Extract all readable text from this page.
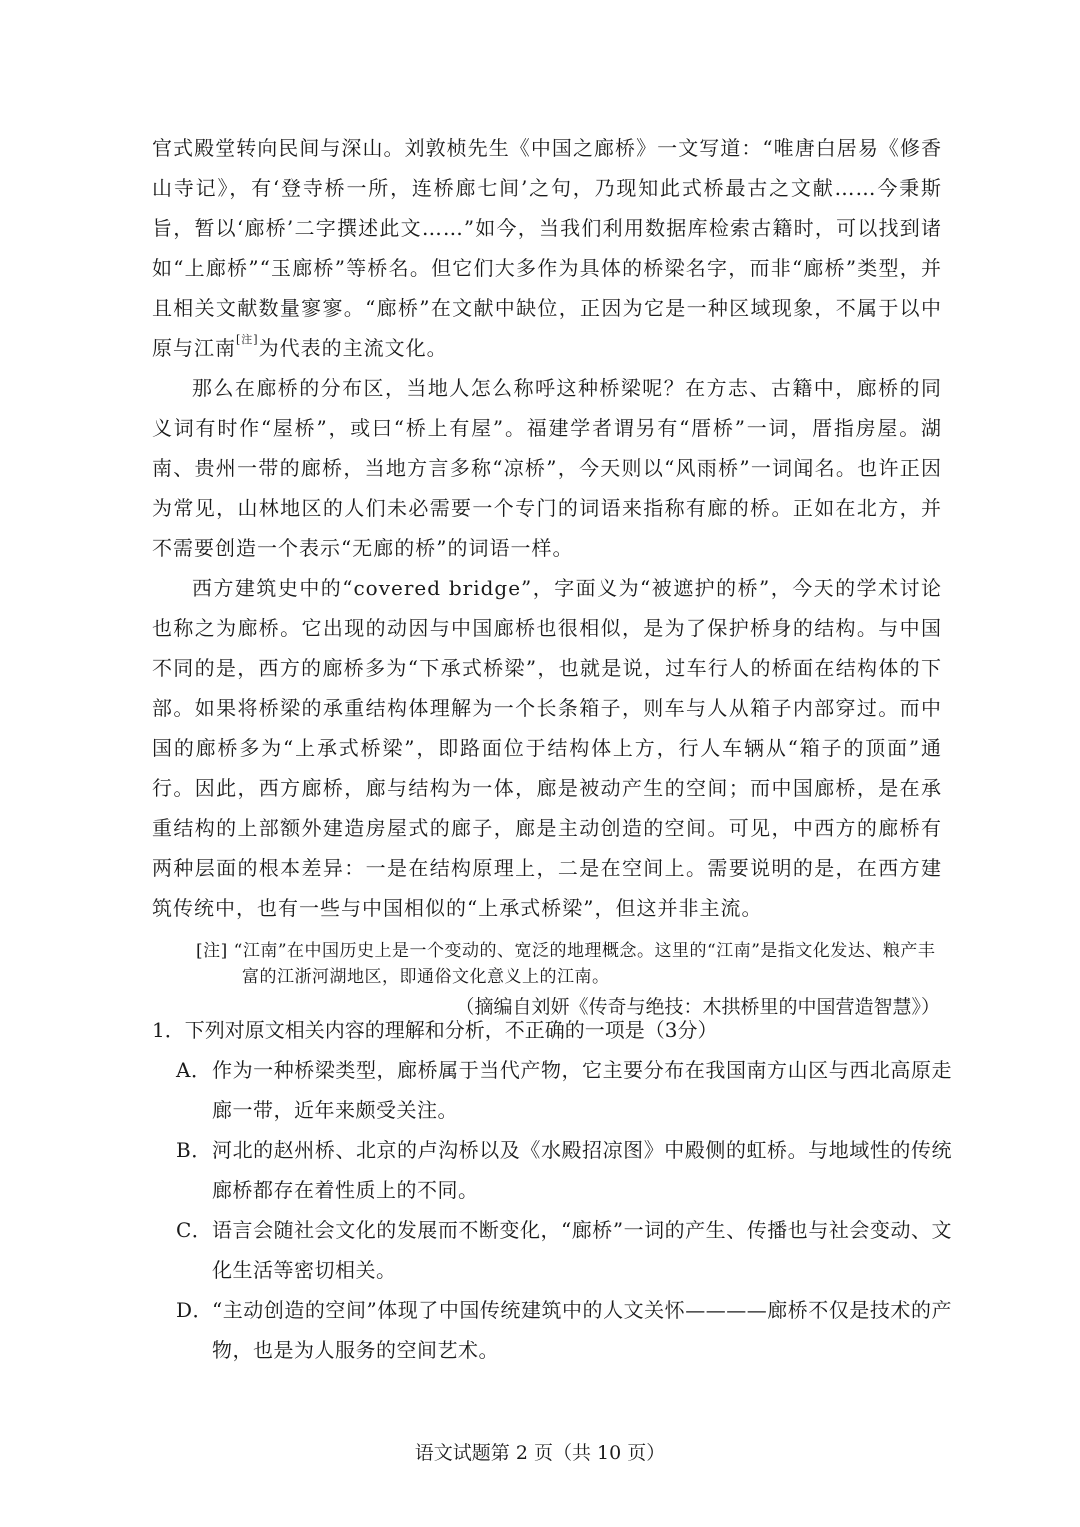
官式殿堂转向民间与深山。刘敦桢先生《中国之廊桥》一文写道：“唯唐白居易《修香山寺记》，有‘登寺桥一所，连桥廊七间’之句，乃现知此式桥最古之文献……今秉斯旨，暂以‘廊桥’二字撰述此文……”如今，当我们利用数据库检索古籍时，可以找到诸如“上廊桥”“玉廊桥”等桥名。但它们大多作为具体的桥梁名字，而非“廊桥”类型，并且相关文献数量寥寥。“廊桥”在文献中缺位，正因为它是一种区域现象，不属于以中原与江南[注]为代表的主流文化。

那么在廊桥的分布区，当地人怎么称呼这种桥梁呢？在方志、古籍中，廊桥的同义词有时作“屋桥”，或曰“桥上有屋”。福建学者谓另有“厝桥”一词，厝指房屋。湖南、贵州一带的廊桥，当地方言多称“凉桥”，今天则以“风雨桥”一词闻名。也许正因为常见，山林地区的人们未必需要一个专门的词语来指称有廊的桥。正如在北方，并不需要创造一个表示“无廊的桥”的词语一样。

西方建筑史中的“covered bridge”，字面义为“被遮护的桥”，今天的学术讨论也称之为廊桥。它出现的动因与中国廊桥也很相似，是为了保护桥身的结构。与中国不同的是，西方的廊桥多为“下承式桥梁”，也就是说，过车行人的桥面在结构体的下部。如果将桥梁的承重结构体理解为一个长条箱子，则车与人从箱子内部穿过。而中国的廊桥多为“上承式桥梁”，即路面位于结构体上方，行人车辆从“箱子的顶面”通行。因此，西方廊桥，廊与结构为一体，廊是被动产生的空间；而中国廊桥，是在承重结构的上部额外建造房屋式的廊子，廊是主动创造的空间。可见，中西方的廊桥有两种层面的根本差异：一是在结构原理上，二是在空间上。需要说明的是，在西方建筑传统中，也有一些与中国相似的“上承式桥梁”，但这并非主流。

[注] “江南”在中国历史上是一个变动的、宽泛的地理概念。这里的“江南”是指文化发达、粮产丰富的江浙河湖地区，即通俗文化意义上的江南。
（摘编自刘妍《传奇与绝技：木拱桥里的中国营造智慧》）

1．下列对原文相关内容的理解和分析，不正确的一项是（3分）

A．作为一种桥梁类型，廊桥属于当代产物，它主要分布在我国南方山区与西北高原走廊一带，近年来颇受关注。

B．河北的赵州桥、北京的卢沟桥以及《水殿招凉图》中殿侧的虹桥。与地域性的传统廊桥都存在着性质上的不同。

C．语言会随社会文化的发展而不断变化，“廊桥”一词的产生、传播也与社会变动、文化生活等密切相关。

D．“主动创造的空间”体现了中国传统建筑中的人文关怀————廊桥不仅是技术的产物，也是为人服务的空间艺术。

语文试题第 2 页（共 10 页）
